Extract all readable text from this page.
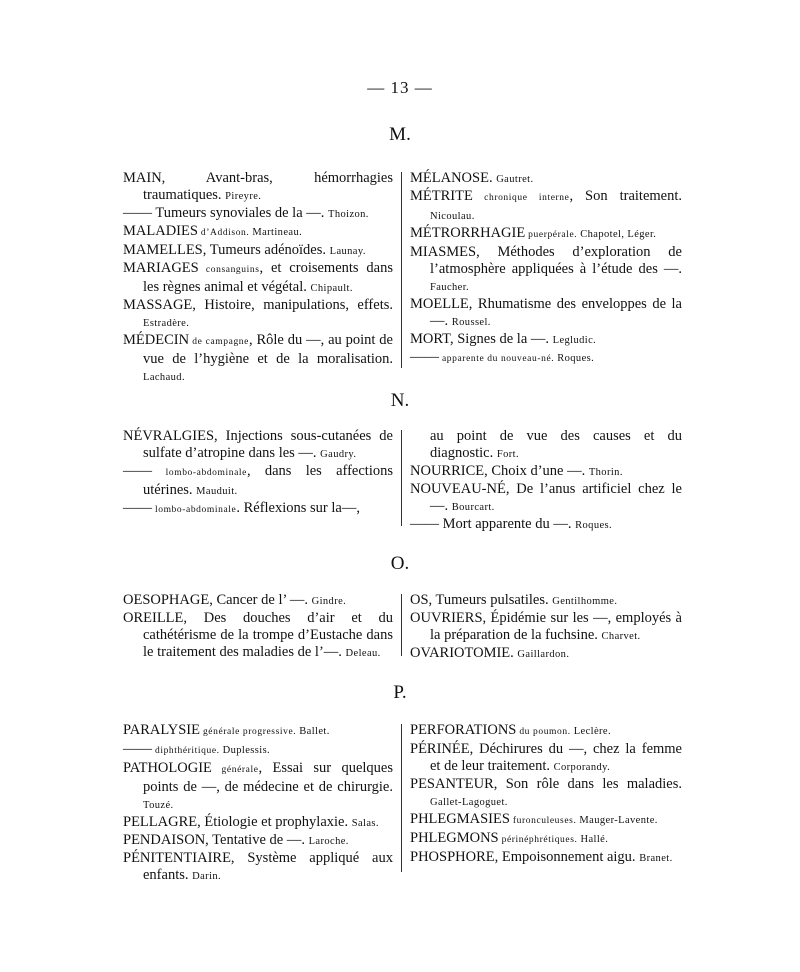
— 13 —
M.

MAIN, Avant-bras, hémorrhagies traumatiques. Pireyre.

—— Tumeurs synoviales de la —. Thoizon.

MALADIES d’Addison. Martineau.

MAMELLES, Tumeurs adénoïdes. Launay.

MARIAGES consanguins, et croisements dans les règnes animal et végétal. Chipault.

MASSAGE, Histoire, manipulations, effets. Estradère.

MÉDECIN de campagne, Rôle du —, au point de vue de l’hygiène et de la moralisation. Lachaud.

MÉLANOSE. Gautret.

MÉTRITE chronique interne, Son traitement. Nicoulau.

MÉTRORRHAGIE puerpérale. Chapotel, Léger.

MIASMES, Méthodes d’exploration de l’atmosphère appliquées à l’étude des —. Faucher.

MOELLE, Rhumatisme des enveloppes de la —. Roussel.

MORT, Signes de la —. Legludic.

—— apparente du nouveau-né. Roques.

N.

NÉVRALGIES, Injections sous-cutanées de sulfate d’atropine dans les —. Gaudry.

—— lombo-abdominale, dans les affections utérines. Mauduit.

—— lombo-abdominale. Réflexions sur la—,

au point de vue des causes et du diagnostic. Fort.

NOURRICE, Choix d’une —. Thorin.

NOUVEAU-NÉ, De l’anus artificiel chez le—. Bourcart.

—— Mort apparente du —. Roques.

O.

OESOPHAGE, Cancer de l’ —. Gindre.

OREILLE, Des douches d’air et du cathétérisme de la trompe d’Eustache dans le traitement des maladies de l’—. Deleau.

OS, Tumeurs pulsatiles. Gentilhomme.

OUVRIERS, Épidémie sur les —, employés à la préparation de la fuchsine. Charvet.

OVARIOTOMIE. Gaillardon.

P.

PARALYSIE générale progressive. Ballet.

—— diphthéritique. Duplessis.

PATHOLOGIE générale, Essai sur quelques points de —, de médecine et de chirurgie. Touzé.

PELLAGRE, Étiologie et prophylaxie. Salas.

PENDAISON, Tentative de —. Laroche.

PÉNITENTIAIRE, Système appliqué aux enfants. Darin.

PERFORATIONS du poumon. Leclère.

PÉRINÉE, Déchirures du —, chez la femme et de leur traitement. Corporandy.

PESANTEUR, Son rôle dans les maladies. Gallet-Lagoguet.

PHLEGMASIES furonculeuses. Mauger-Lavente.

PHLEGMONS périnéphrétiques. Hallé.

PHOSPHORE, Empoisonnement aigu. Branet.
